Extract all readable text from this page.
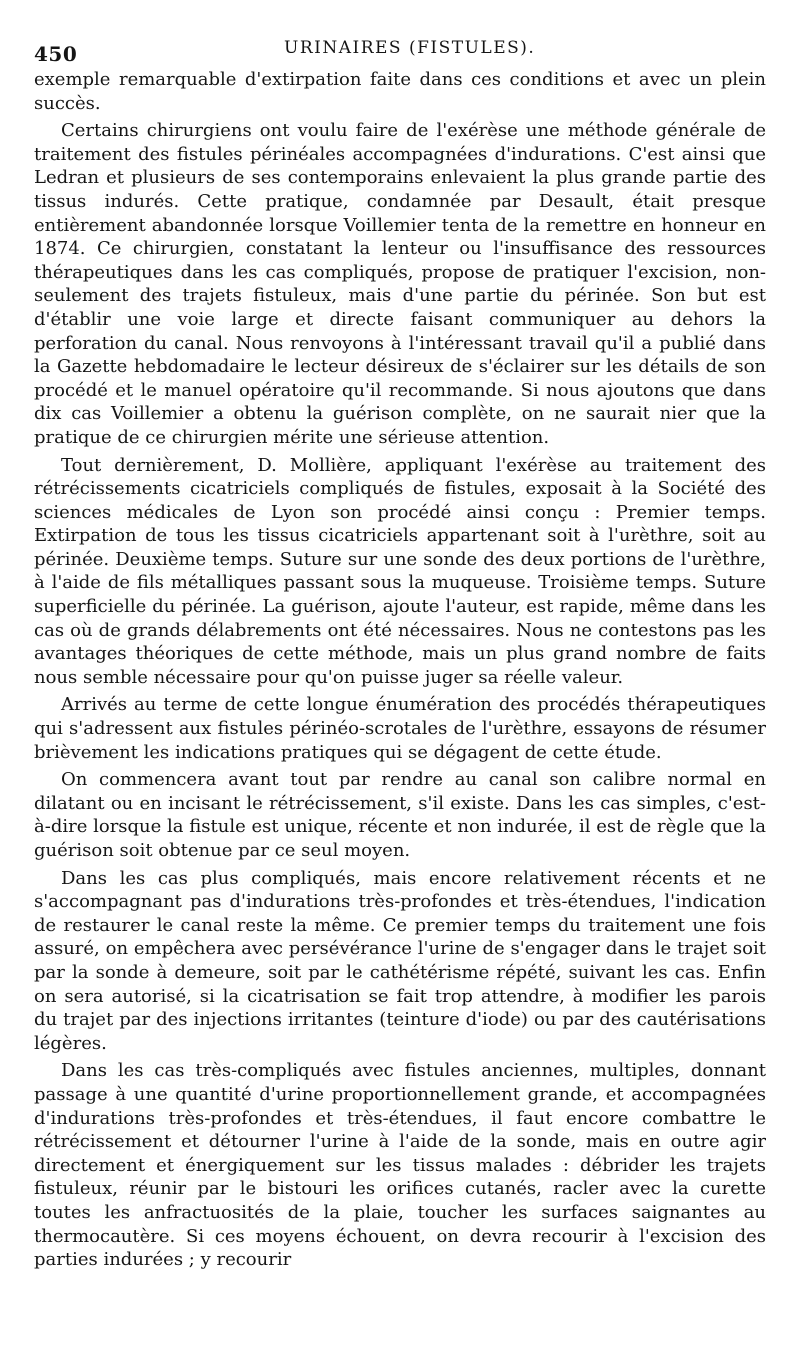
450	URINAIRES (FISTULES).

exemple remarquable d'extirpation faite dans ces conditions et avec un plein succès.

Certains chirurgiens ont voulu faire de l'exérèse une méthode générale de traitement des fistules périnéales accompagnées d'indurations. C'est ainsi que Ledran et plusieurs de ses contemporains enlevaient la plus grande partie des tissus indurés. Cette pratique, condamnée par Desault, était presque entièrement abandonnée lorsque Voillemier tenta de la remettre en honneur en 1874. Ce chirurgien, constatant la lenteur ou l'insuffisance des ressources thérapeutiques dans les cas compliqués, propose de pratiquer l'excision, non-seulement des trajets fistuleux, mais d'une partie du périnée. Son but est d'établir une voie large et directe faisant communiquer au dehors la perforation du canal. Nous renvoyons à l'intéressant travail qu'il a publié dans la Gazette hebdomadaire le lecteur désireux de s'éclairer sur les détails de son procédé et le manuel opératoire qu'il recommande. Si nous ajoutons que dans dix cas Voillemier a obtenu la guérison complète, on ne saurait nier que la pratique de ce chirurgien mérite une sérieuse attention.

Tout dernièrement, D. Mollière, appliquant l'exérèse au traitement des rétrécissements cicatriciels compliqués de fistules, exposait à la Société des sciences médicales de Lyon son procédé ainsi conçu : Premier temps. Extirpation de tous les tissus cicatriciels appartenant soit à l'urèthre, soit au périnée. Deuxième temps. Suture sur une sonde des deux portions de l'urèthre, à l'aide de fils métalliques passant sous la muqueuse. Troisième temps. Suture superficielle du périnée. La guérison, ajoute l'auteur, est rapide, même dans les cas où de grands délabrements ont été nécessaires. Nous ne contestons pas les avantages théoriques de cette méthode, mais un plus grand nombre de faits nous semble nécessaire pour qu'on puisse juger sa réelle valeur.

Arrivés au terme de cette longue énumération des procédés thérapeutiques qui s'adressent aux fistules périnéo-scrotales de l'urèthre, essayons de résumer brièvement les indications pratiques qui se dégagent de cette étude.

On commencera avant tout par rendre au canal son calibre normal en dilatant ou en incisant le rétrécissement, s'il existe. Dans les cas simples, c'est-à-dire lorsque la fistule est unique, récente et non indurée, il est de règle que la guérison soit obtenue par ce seul moyen.

Dans les cas plus compliqués, mais encore relativement récents et ne s'accompagnant pas d'indurations très-profondes et très-étendues, l'indication de restaurer le canal reste la même. Ce premier temps du traitement une fois assuré, on empêchera avec persévérance l'urine de s'engager dans le trajet soit par la sonde à demeure, soit par le cathétérisme répété, suivant les cas. Enfin on sera autorisé, si la cicatrisation se fait trop attendre, à modifier les parois du trajet par des injections irritantes (teinture d'iode) ou par des cautérisations légères.

Dans les cas très-compliqués avec fistules anciennes, multiples, donnant passage à une quantité d'urine proportionnellement grande, et accompagnées d'indurations très-profondes et très-étendues, il faut encore combattre le rétrécissement et détourner l'urine à l'aide de la sonde, mais en outre agir directement et énergiquement sur les tissus malades : débrider les trajets fistuleux, réunir par le bistouri les orifices cutanés, racler avec la curette toutes les anfractuosités de la plaie, toucher les surfaces saignantes au thermocautère. Si ces moyens échouent, on devra recourir à l'excision des parties indurées ; y recourir
